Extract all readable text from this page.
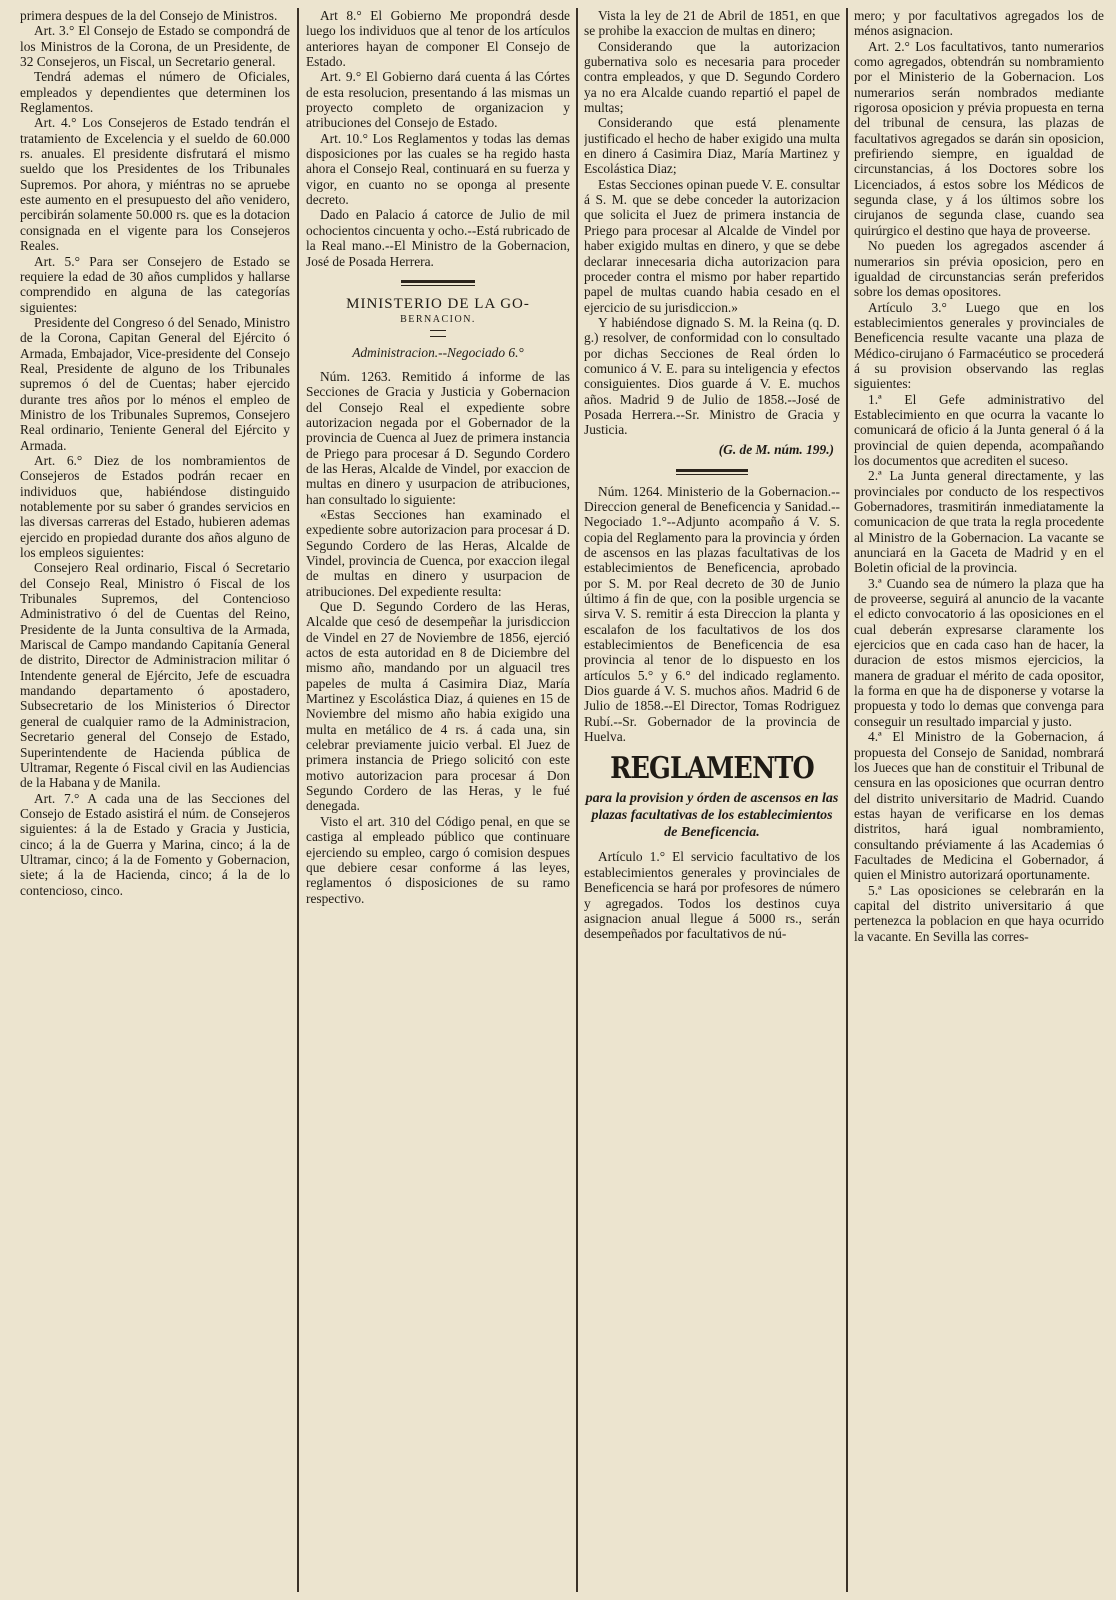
primera despues de la del Consejo de Ministros.

Art. 3.° El Consejo de Estado se compondrá de los Ministros de la Corona, de un Presidente, de 32 Consejeros, un Fiscal, un Secretario general.

Tendrá ademas el número de Oficiales, empleados y dependientes que determinen los Reglamentos.

Art. 4.° Los Consejeros de Estado tendrán el tratamiento de Excelencia y el sueldo de 60.000 rs. anuales. El presidente disfrutará el mismo sueldo que los Presidentes de los Tribunales Supremos. Por ahora, y miéntras no se apruebe este aumento en el presupuesto del año venidero, percibirán solamente 50.000 rs. que es la dotacion consignada en el vigente para los Consejeros Reales.

Art. 5.° Para ser Consejero de Estado se requiere la edad de 30 años cumplidos y hallarse comprendido en alguna de las categorías siguientes:

Presidente del Congreso ó del Senado, Ministro de la Corona, Capitan General del Ejército ó Armada, Embajador, Vice-presidente del Consejo Real, Presidente de alguno de los Tribunales supremos ó del de Cuentas; haber ejercido durante tres años por lo ménos el empleo de Ministro de los Tribunales Supremos, Consejero Real ordinario, Teniente General del Ejército y Armada.

Art. 6.° Diez de los nombramientos de Consejeros de Estados podrán recaer en individuos que, habiéndose distinguido notablemente por su saber ó grandes servicios en las diversas carreras del Estado, hubieren ademas ejercido en propiedad durante dos años alguno de los empleos siguientes:

Consejero Real ordinario, Fiscal ó Secretario del Consejo Real, Ministro ó Fiscal de los Tribunales Supremos, del Contencioso Administrativo ó del de Cuentas del Reino, Presidente de la Junta consultiva de la Armada, Mariscal de Campo mandando Capitanía General de distrito, Director de Administracion militar ó Intendente general de Ejército, Jefe de escuadra mandando departamento ó apostadero, Subsecretario de los Ministerios ó Director general de cualquier ramo de la Administracion, Secretario general del Consejo de Estado, Superintendente de Hacienda pública de Ultramar, Regente ó Fiscal civil en las Audiencias de la Habana y de Manila.

Art. 7.° A cada una de las Secciones del Consejo de Estado asistirá el núm. de Consejeros siguientes: á la de Estado y Gracia y Justicia, cinco; á la de Guerra y Marina, cinco; á la de Ultramar, cinco; á la de Fomento y Gobernacion, siete; á la de Hacienda, cinco; á la de lo contencioso, cinco.

Art 8.° El Gobierno Me propondrá desde luego los individuos que al tenor de los artículos anteriores hayan de componer El Consejo de Estado.

Art. 9.° El Gobierno dará cuenta á las Córtes de esta resolucion, presentando á las mismas un proyecto completo de organizacion y atribuciones del Consejo de Estado.

Art. 10.° Los Reglamentos y todas las demas disposiciones por las cuales se ha regido hasta ahora el Consejo Real, continuará en su fuerza y vigor, en cuanto no se oponga al presente decreto.

Dado en Palacio á catorce de Julio de mil ochocientos cincuenta y ocho.--Está rubricado de la Real mano.--El Ministro de la Gobernacion, José de Posada Herrera.

MINISTERIO DE LA GO-
BERNACION.
Administracion.--Negociado 6.°

Núm. 1263. Remitido á informe de las Secciones de Gracia y Justicia y Gobernacion del Consejo Real el expediente sobre autorizacion negada por el Gobernador de la provincia de Cuenca al Juez de primera instancia de Priego para procesar á D. Segundo Cordero de las Heras, Alcalde de Vindel, por exaccion de multas en dinero y usurpacion de atribuciones, han consultado lo siguiente:

«Estas Secciones han examinado el expediente sobre autorizacion para procesar á D. Segundo Cordero de las Heras, Alcalde de Vindel, provincia de Cuenca, por exaccion ilegal de multas en dinero y usurpacion de atribuciones. Del expediente resulta:

Que D. Segundo Cordero de las Heras, Alcalde que cesó de desempeñar la jurisdiccion de Vindel en 27 de Noviembre de 1856, ejerció actos de esta autoridad en 8 de Diciembre del mismo año, mandando por un alguacil tres papeles de multa á Casimira Diaz, María Martinez y Escolástica Diaz, á quienes en 15 de Noviembre del mismo año habia exigido una multa en metálico de 4 rs. á cada una, sin celebrar previamente juicio verbal. El Juez de primera instancia de Priego solicitó con este motivo autorizacion para procesar á Don Segundo Cordero de las Heras, y le fué denegada.

Visto el art. 310 del Código penal, en que se castiga al empleado público que continuare ejerciendo su empleo, cargo ó comision despues que debiere cesar conforme á las leyes, reglamentos ó disposiciones de su ramo respectivo.

Vista la ley de 21 de Abril de 1851, en que se prohibe la exaccion de multas en dinero;

Considerando que la autorizacion gubernativa solo es necesaria para proceder contra empleados, y que D. Segundo Cordero ya no era Alcalde cuando repartió el papel de multas;

Considerando que está plenamente justificado el hecho de haber exigido una multa en dinero á Casimira Diaz, María Martinez y Escolástica Diaz;

Estas Secciones opinan puede V. E. consultar á S. M. que se debe conceder la autorizacion que solicita el Juez de primera instancia de Priego para procesar al Alcalde de Vindel por haber exigido multas en dinero, y que se debe declarar innecesaria dicha autorizacion para proceder contra el mismo por haber repartido papel de multas cuando habia cesado en el ejercicio de su jurisdiccion.»

Y habiéndose dignado S. M. la Reina (q. D. g.) resolver, de conformidad con lo consultado por dichas Secciones de Real órden lo comunico á V. E. para su inteligencia y efectos consiguientes. Dios guarde á V. E. muchos años. Madrid 9 de Julio de 1858.--José de Posada Herrera.--Sr. Ministro de Gracia y Justicia.

(G. de M. núm. 199.)

Núm. 1264. Ministerio de la Gobernacion.--Direccion general de Beneficencia y Sanidad.--Negociado 1.°--Adjunto acompaño á V. S. copia del Reglamento para la provincia y órden de ascensos en las plazas facultativas de los establecimientos de Beneficencia, aprobado por S. M. por Real decreto de 30 de Junio último á fin de que, con la posible urgencia se sirva V. S. remitir á esta Direccion la planta y escalafon de los facultativos de los dos establecimientos de Beneficencia de esa provincia al tenor de lo dispuesto en los artículos 5.° y 6.° del indicado reglamento. Dios guarde á V. S. muchos años. Madrid 6 de Julio de 1858.--El Director, Tomas Rodriguez Rubí.--Sr. Gobernador de la provincia de Huelva.

REGLAMENTO
para la provision y órden de ascensos en las plazas facultativas de los establecimientos de Beneficencia.

Artículo 1.° El servicio facultativo de los establecimientos generales y provinciales de Beneficencia se hará por profesores de número y agregados. Todos los destinos cuya asignacion anual llegue á 5000 rs., serán desempeñados por facultativos de nú-

mero; y por facultativos agregados los de ménos asignacion.

Art. 2.° Los facultativos, tanto numerarios como agregados, obtendrán su nombramiento por el Ministerio de la Gobernacion. Los numerarios serán nombrados mediante rigorosa oposicion y prévia propuesta en terna del tribunal de censura, las plazas de facultativos agregados se darán sin oposicion, prefiriendo siempre, en igualdad de circunstancias, á los Doctores sobre los Licenciados, á estos sobre los Médicos de segunda clase, y á los últimos sobre los cirujanos de segunda clase, cuando sea quirúrgico el destino que haya de proveerse.

No pueden los agregados ascender á numerarios sin prévia oposicion, pero en igualdad de circunstancias serán preferidos sobre los demas opositores.

Artículo 3.° Luego que en los establecimientos generales y provinciales de Beneficencia resulte vacante una plaza de Médico-cirujano ó Farmacéutico se procederá á su provision observando las reglas siguientes:

1.ª El Gefe administrativo del Establecimiento en que ocurra la vacante lo comunicará de oficio á la Junta general ó á la provincial de quien dependa, acompañando los documentos que acrediten el suceso.

2.ª La Junta general directamente, y las provinciales por conducto de los respectivos Gobernadores, trasmitirán inmediatamente la comunicacion de que trata la regla procedente al Ministro de la Gobernacion. La vacante se anunciará en la Gaceta de Madrid y en el Boletin oficial de la provincia.

3.ª Cuando sea de número la plaza que ha de proveerse, seguirá al anuncio de la vacante el edicto convocatorio á las oposiciones en el cual deberán expresarse claramente los ejercicios que en cada caso han de hacer, la duracion de estos mismos ejercicios, la manera de graduar el mérito de cada opositor, la forma en que ha de disponerse y votarse la propuesta y todo lo demas que convenga para conseguir un resultado imparcial y justo.

4.ª El Ministro de la Gobernacion, á propuesta del Consejo de Sanidad, nombrará los Jueces que han de constituir el Tribunal de censura en las oposiciones que ocurran dentro del distrito universitario de Madrid. Cuando estas hayan de verificarse en los demas distritos, hará igual nombramiento, consultando préviamente á las Academias ó Facultades de Medicina el Gobernador, á quien el Ministro autorizará oportunamente.

5.ª Las oposiciones se celebrarán en la capital del distrito universitario á que pertenezca la poblacion en que haya ocurrido la vacante. En Sevilla las corres-
